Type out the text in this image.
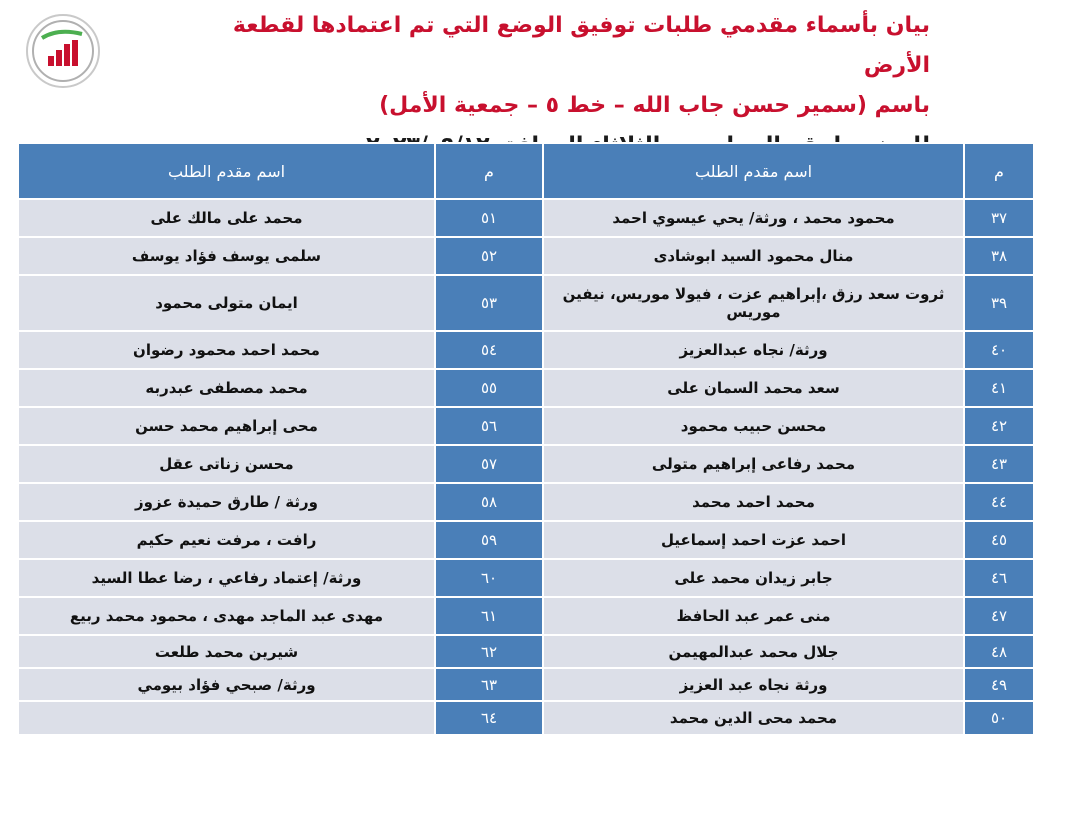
بيان بأسماء مقدمي طلبات توفيق الوضع التي تم اعتمادها لقطعة الأرض
باسم (سمير حسن جاب الله – خط ٥ – جمعية الأمل)
م	اسم مقدم الطلب	م	اسم مقدم الطلب
٣٧	محمود محمد ، ورثة/ يحي عيسوي احمد	٥١	محمد على مالك على
٣٨	منال محمود السيد ابوشادى	٥٢	سلمى يوسف فؤاد يوسف
٣٩	ثروت سعد رزق ،إبراهيم عزت ، فيولا موريس، نيفين موريس	٥٣	ايمان متولى محمود
٤٠	ورثة/ نجاه عبدالعزيز	٥٤	محمد احمد محمود رضوان
٤١	سعد محمد السمان على	٥٥	محمد مصطفى عبدربه
٤٢	محسن حبيب محمود	٥٦	محى إبراهيم محمد حسن
٤٣	محمد رفاعى إبراهيم متولى	٥٧	محسن زناتى عقل
٤٤	محمد احمد محمد	٥٨	ورثة / طارق حميدة عزوز
٤٥	احمد عزت احمد إسماعيل	٥٩	رافت ، مرفت نعيم حكيم
٤٦	جابر زيدان محمد على	٦٠	ورثة/ إعتماد رفاعي ، رضا عطا السيد
٤٧	منى عمر عبد الحافظ	٦١	مهدى عبد الماجد مهدى ، محمود محمد ربيع
٤٨	جلال محمد عبدالمهيمن	٦٢	شيرين محمد طلعت
٤٩	ورثة نجاه عبد العزيز	٦٣	ورثة/ صبحي فؤاد بيومي
٥٠	محمد محى الدين محمد	٦٤	
